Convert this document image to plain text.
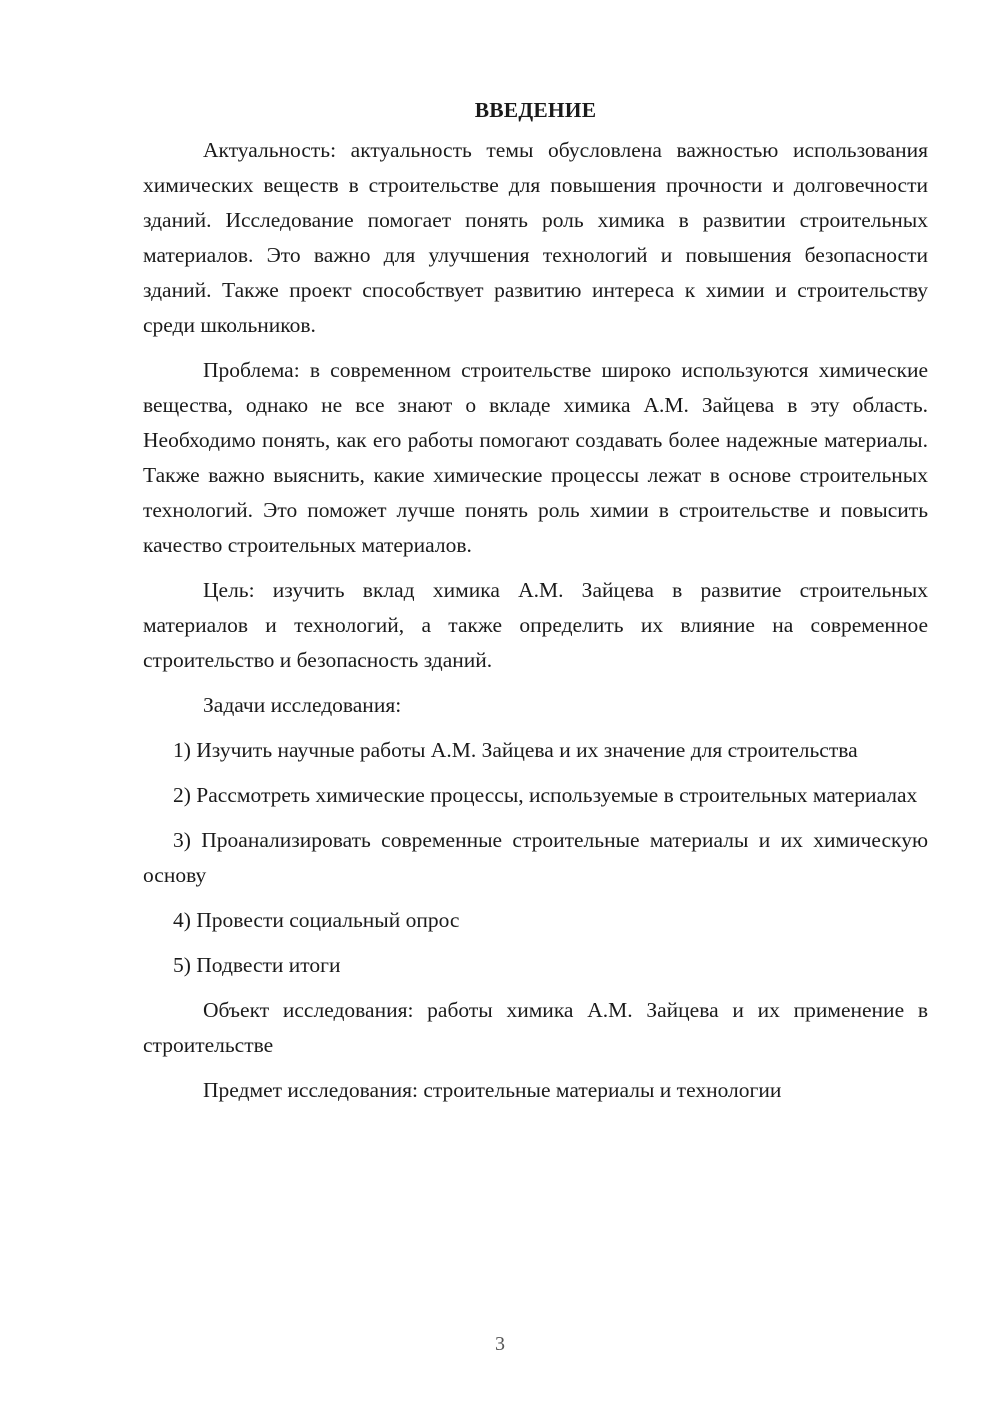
ВВЕДЕНИЕ

Актуальность: актуальность темы обусловлена важностью использования химических веществ в строительстве для повышения прочности и долговечности зданий. Исследование помогает понять роль химика в развитии строительных материалов. Это важно для улучшения технологий и повышения безопасности зданий. Также проект способствует развитию интереса к химии и строительству среди школьников.

Проблема: в современном строительстве широко используются химические вещества, однако не все знают о вкладе химика А.М. Зайцева в эту область. Необходимо понять, как его работы помогают создавать более надежные материалы. Также важно выяснить, какие химические процессы лежат в основе строительных технологий. Это поможет лучше понять роль химии в строительстве и повысить качество строительных материалов.

Цель: изучить вклад химика А.М. Зайцева в развитие строительных материалов и технологий, а также определить их влияние на современное строительство и безопасность зданий.

Задачи исследования:

1) Изучить научные работы А.М. Зайцева и их значение для строительства

2) Рассмотреть химические процессы, используемые в строительных материалах

3) Проанализировать современные строительные материалы и их химическую основу

4) Провести социальный опрос

5) Подвести итоги

Объект исследования: работы химика А.М. Зайцева и их применение в строительстве

Предмет исследования: строительные материалы и технологии

3
